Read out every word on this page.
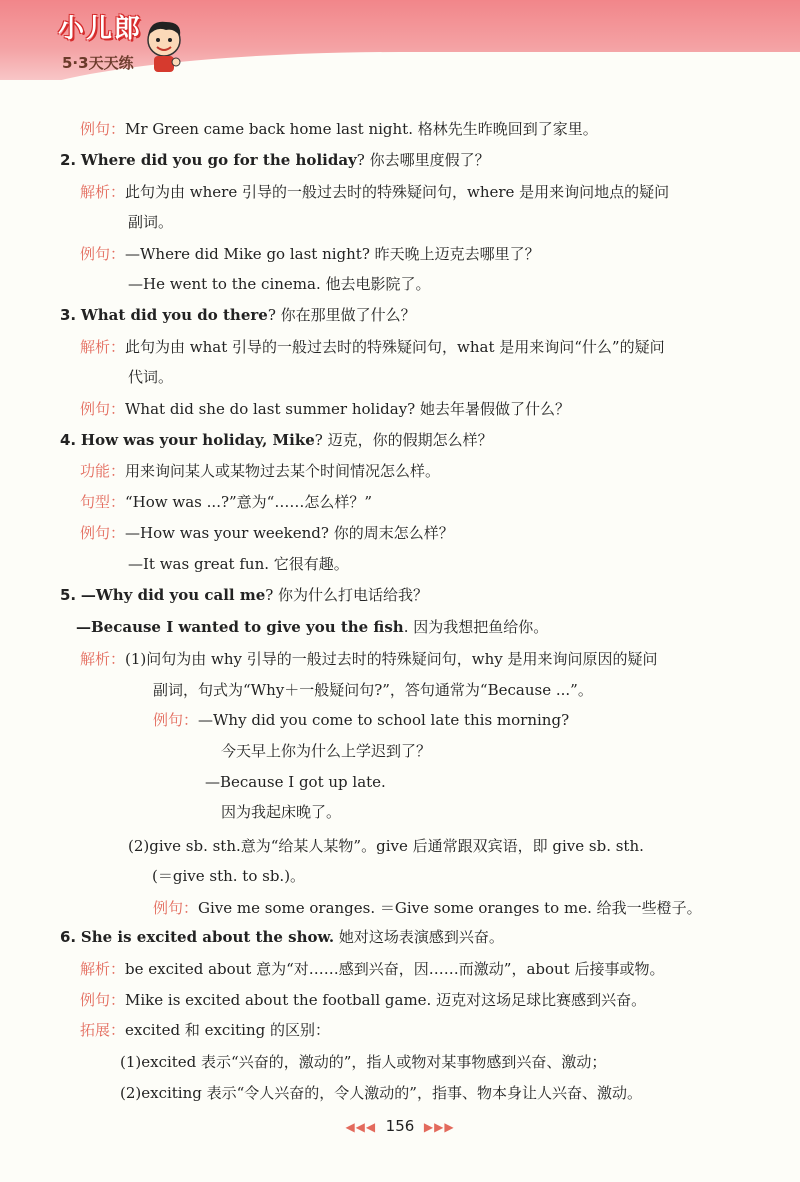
小儿郎
5·3天天练
例句：Mr Green came back home last night. 格林先生昨晚回到了家里。
2. Where did you go for the holiday? 你去哪里度假了？
解析：此句为由 where 引导的一般过去时的特殊疑问句，where 是用来询问地点的疑问
副词。
例句：—Where did Mike go last night? 昨天晚上迈克去哪里了？
—He went to the cinema. 他去电影院了。
3. What did you do there? 你在那里做了什么？
解析：此句为由 what 引导的一般过去时的特殊疑问句，what 是用来询问“什么”的疑问
代词。
例句：What did she do last summer holiday? 她去年暑假做了什么？
4. How was your holiday, Mike? 迈克，你的假期怎么样？
功能：用来询问某人或某物过去某个时间情况怎么样。
句型：“How was ...?”意为“……怎么样？”
例句：—How was your weekend? 你的周末怎么样？
—It was great fun. 它很有趣。
5. —Why did you call me? 你为什么打电话给我？
—Because I wanted to give you the fish. 因为我想把鱼给你。
解析：(1)问句为由 why 引导的一般过去时的特殊疑问句，why 是用来询问原因的疑问
副词，句式为“Why＋一般疑问句?”，答句通常为“Because ...”。
例句：—Why did you come to school late this morning?
今天早上你为什么上学迟到了？
—Because I got up late.
因为我起床晚了。
(2)give sb. sth.意为“给某人某物”。give 后通常跟双宾语，即 give sb. sth.
(＝give sth. to sb.)。
例句：Give me some oranges. ＝Give some oranges to me. 给我一些橙子。
6. She is excited about the show. 她对这场表演感到兴奋。
解析：be excited about 意为“对……感到兴奋，因……而激动”，about 后接事或物。
例句：Mike is excited about the football game. 迈克对这场足球比赛感到兴奋。
拓展：excited 和 exciting 的区别：
(1)excited 表示“兴奋的，激动的”，指人或物对某事物感到兴奋、激动；
(2)exciting 表示“令人兴奋的，令人激动的”，指事、物本身让人兴奋、激动。
◀◀◀ 156 ▶▶▶
